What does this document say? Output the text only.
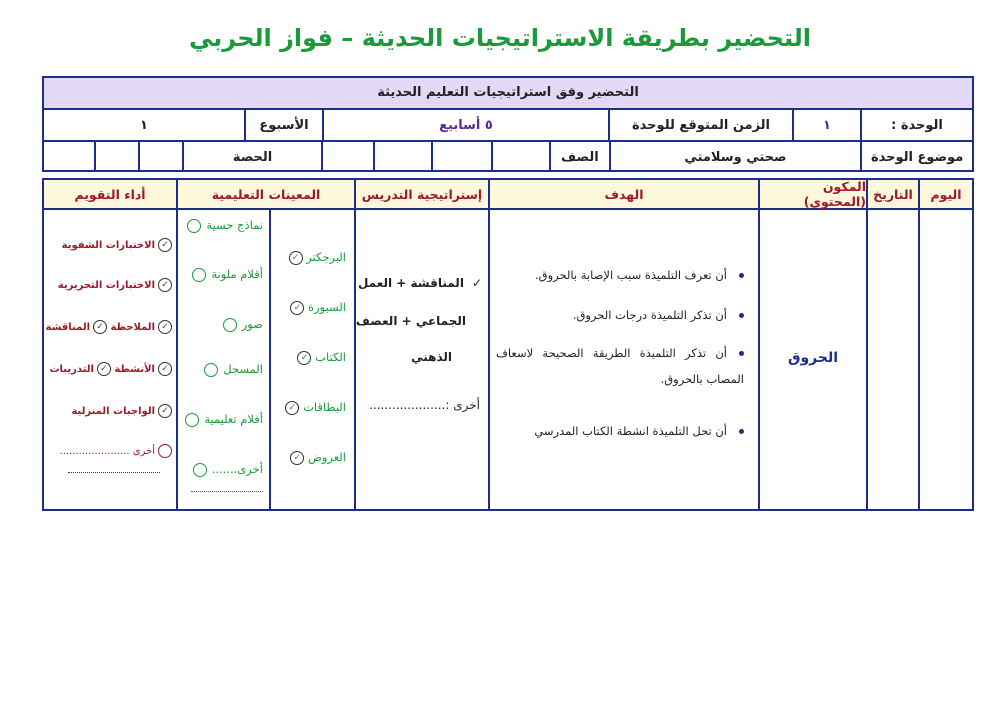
التحضير بطريقة الاستراتيجيات الحديثة – فواز الحربي
التحضير وفق استراتيجيات التعليم الحديثة
الوحدة :
١
الزمن المتوقع للوحدة
٥ أسابيع
الأسبوع
١
موضوع الوحدة
صحتي وسلامتي
الصف
الحصة
اليوم
التاريخ
المكون (المحتوى)
الحروق
الهدف
أن تعرف التلميذة سبب الإصابة بالحروق.
أن تذكر التلميذة درجات الحروق.
أن تذكر التلميذة الطريقة الصحيحة لاسعاف المصاب بالحروق.
أن تحل التلميذة انشطة الكتاب المدرسي
إستراتيجية التدريس
✓المناقشة + العمل
الجماعي + العصف
الذهني
أخرى :....................
المعينات التعليمية
البرجكتر ✓
السبورة ✓
الكتاب ✓
البطاقات ✓
العروض ✓
نماذج حسية
أقلام ملونة
صور
المسجل
أفلام تعليمية
أخرى.......
أداء التقويم
✓الاختبارات الشفوية
✓الاختبارات التحريرية
✓الملاحظة ✓المناقشة
✓الأنشطة ✓التدريبات
✓الواجبات المنزلية
أخرى ......................
